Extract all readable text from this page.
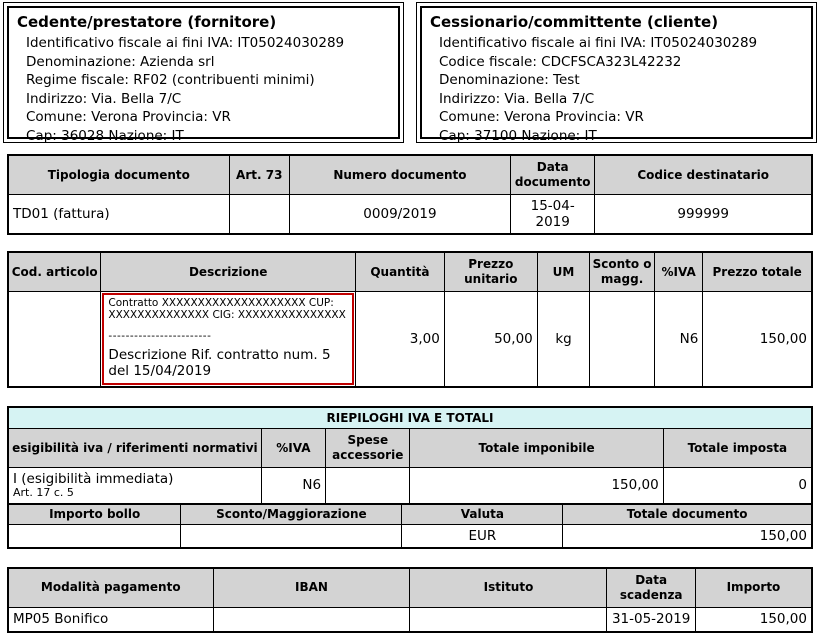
Cedente/prestatore (fornitore)
Identificativo fiscale ai fini IVA: IT05024030289
Denominazione: Azienda srl
Regime fiscale: RF02 (contribuenti minimi)
Indirizzo: Via. Bella 7/C
Comune: Verona Provincia: VR
Cap: 36028 Nazione: IT
Cessionario/committente (cliente)
Identificativo fiscale ai fini IVA: IT05024030289
Codice fiscale: CDCFSCA323L42232
Denominazione: Test
Indirizzo: Via. Bella 7/C
Comune: Verona Provincia: VR
Cap: 37100 Nazione: IT
Tipologia documento	Art. 73	Numero documento	Data documento	Codice destinatario
TD01 (fattura)		0009/2019	15-04-2019	999999
Cod. articolo	Descrizione	Quantità	Prezzo unitario	UM	Sconto o magg.	%IVA	Prezzo totale

	Contratto XXXXXXXXXXXXXXXXXXXX CUP:
XXXXXXXXXXXXXX CIG: XXXXXXXXXXXXXXX
------------------------
Descrizione Rif. contratto num. 5 del 15/04/2019	3,00	50,00	kg		N6	150,00
RIEPILOGHI IVA E TOTALI				
esigibilità iva / riferimenti normativi	%IVA	Spese accessorie	Totale imponibile	Totale imposta

I (esigibilità immediata)
Art. 17 c. 5	N6		150,00	0
Importo bollo	Sconto/Maggiorazione	Valuta	Totale documento
		EUR	150,00
Modalità pagamento	IBAN	Istituto	Data scadenza	Importo
MP05 Bonifico			31-05-2019	150,00
